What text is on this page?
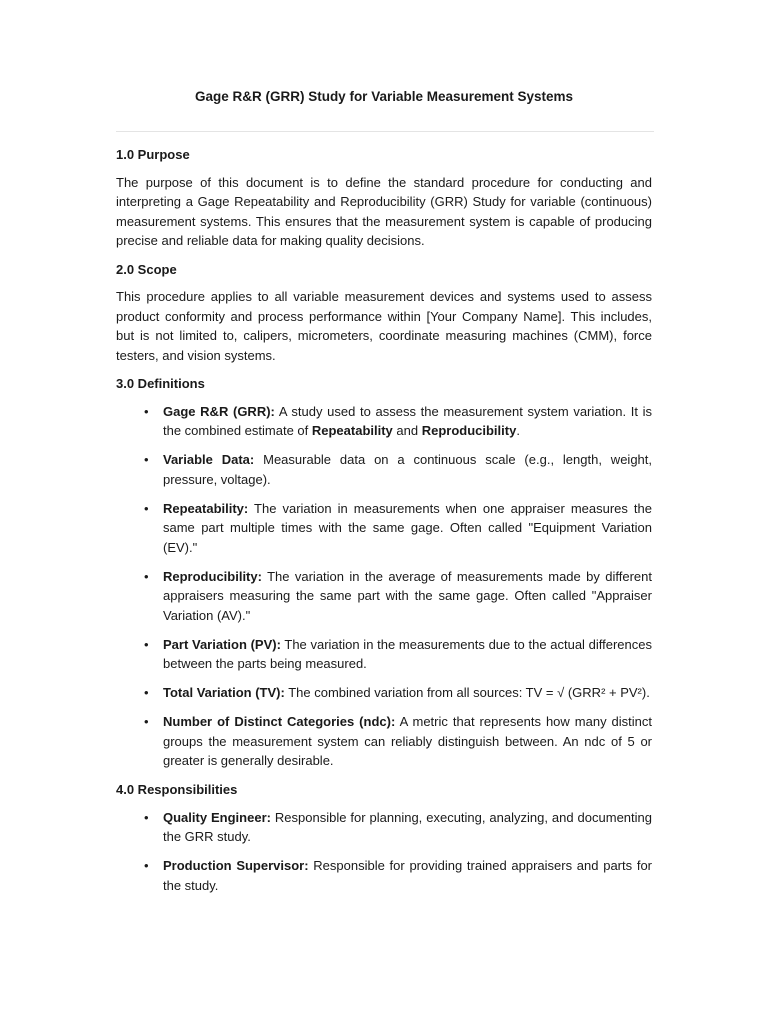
Gage R&R (GRR) Study for Variable Measurement Systems
1.0 Purpose

The purpose of this document is to define the standard procedure for conducting and interpreting a Gage Repeatability and Reproducibility (GRR) Study for variable (continuous) measurement systems. This ensures that the measurement system is capable of producing precise and reliable data for making quality decisions.

2.0 Scope

This procedure applies to all variable measurement devices and systems used to assess product conformity and process performance within [Your Company Name]. This includes, but is not limited to, calipers, micrometers, coordinate measuring machines (CMM), force testers, and vision systems.

3.0 Definitions
• Gage R&R (GRR): A study used to assess the measurement system variation. It is the combined estimate of Repeatability and Reproducibility.
• Variable Data: Measurable data on a continuous scale (e.g., length, weight, pressure, voltage).
• Repeatability: The variation in measurements when one appraiser measures the same part multiple times with the same gage. Often called "Equipment Variation (EV)."
• Reproducibility: The variation in the average of measurements made by different appraisers measuring the same part with the same gage. Often called "Appraiser Variation (AV)."
• Part Variation (PV): The variation in the measurements due to the actual differences between the parts being measured.
• Total Variation (TV): The combined variation from all sources: TV = √ (GRR² + PV²).
• Number of Distinct Categories (ndc): A metric that represents how many distinct groups the measurement system can reliably distinguish between. An ndc of 5 or greater is generally desirable.
4.0 Responsibilities
• Quality Engineer: Responsible for planning, executing, analyzing, and documenting the GRR study.
• Production Supervisor: Responsible for providing trained appraisers and parts for the study.
